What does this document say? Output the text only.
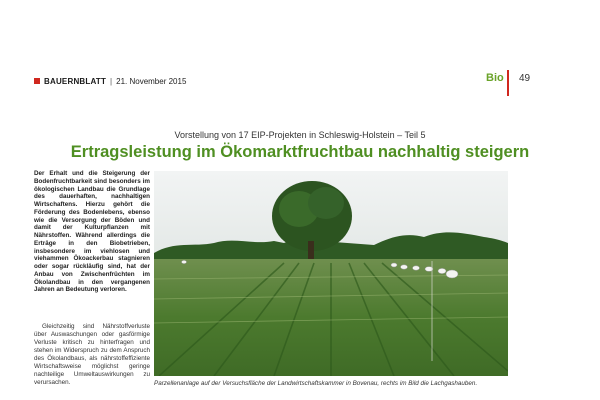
BAUERNBLATT | 21. November 2015	Bio 49
Vorstellung von 17 EIP-Projekten in Schleswig-Holstein – Teil 5
Ertragsleistung im Ökomarktfruchtbau nachhaltig steigern
Der Erhalt und die Steigerung der Bodenfruchtbarkeit sind besonders im ökologischen Landbau die Grundlage des dauerhaften, nachhaltigen Wirtschaftens. Hierzu gehört die Förderung des Bodenlebens, ebenso wie die Versorgung der Böden und damit der Kulturpflanzen mit Nährstoffen. Während allerdings die Erträge in den Biobetrieben, insbesondere im viehlosen und viehammen Ökoackerbau stagnieren oder sogar rückläufig sind, hat der Anbau von Zwischenfrüchten im Ökolandbau in den vergangenen Jahren an Bedeutung verloren.
Gleichzeitig sind Nährstoffverluste über Auswaschungen oder gasförmige Verluste kritisch zu hinterfragen und stehen im Widerspruch zu dem Anspruch des Ökolandbaus, als nährstoffeffiziente Wirtschaftsweise möglichst geringe nachteilige Umweltauswirkungen zu verursachen.	Parzellenanlage auf der Versuchsfläche der Landwirtschaftskammer in Bovenau, rechts im Bild die Lachgashauben.
